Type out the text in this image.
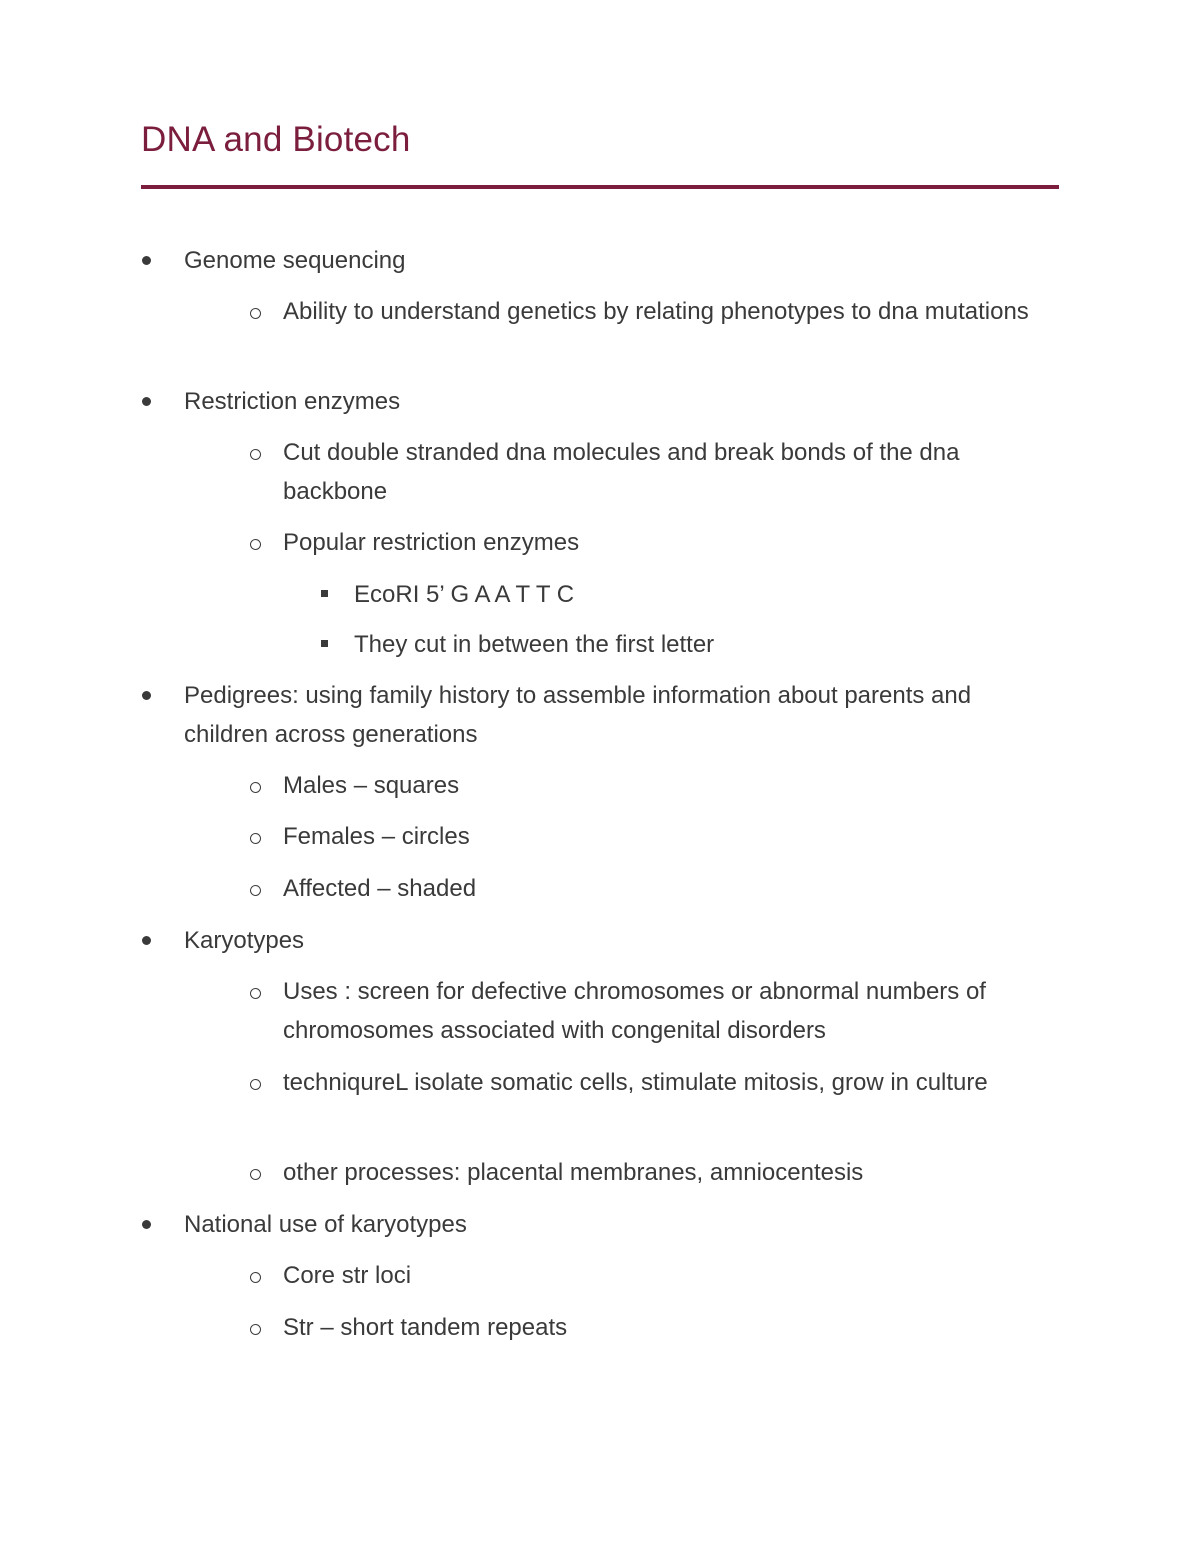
DNA and Biotech
Genome sequencing
Ability to understand genetics by relating phenotypes to dna mutations
Restriction enzymes
Cut double stranded dna molecules and break bonds of the dna backbone
Popular restriction enzymes
EcoRI 5’ G A A T T C
They cut in between the first letter
Pedigrees: using family history to assemble information about parents and children across generations
Males – squares
Females – circles
Affected – shaded
Karyotypes
Uses : screen for defective chromosomes or abnormal numbers of chromosomes associated with congenital disorders
techniqureL isolate somatic cells, stimulate mitosis, grow in culture
other processes: placental membranes, amniocentesis
National use of karyotypes
Core str loci
Str – short tandem repeats
